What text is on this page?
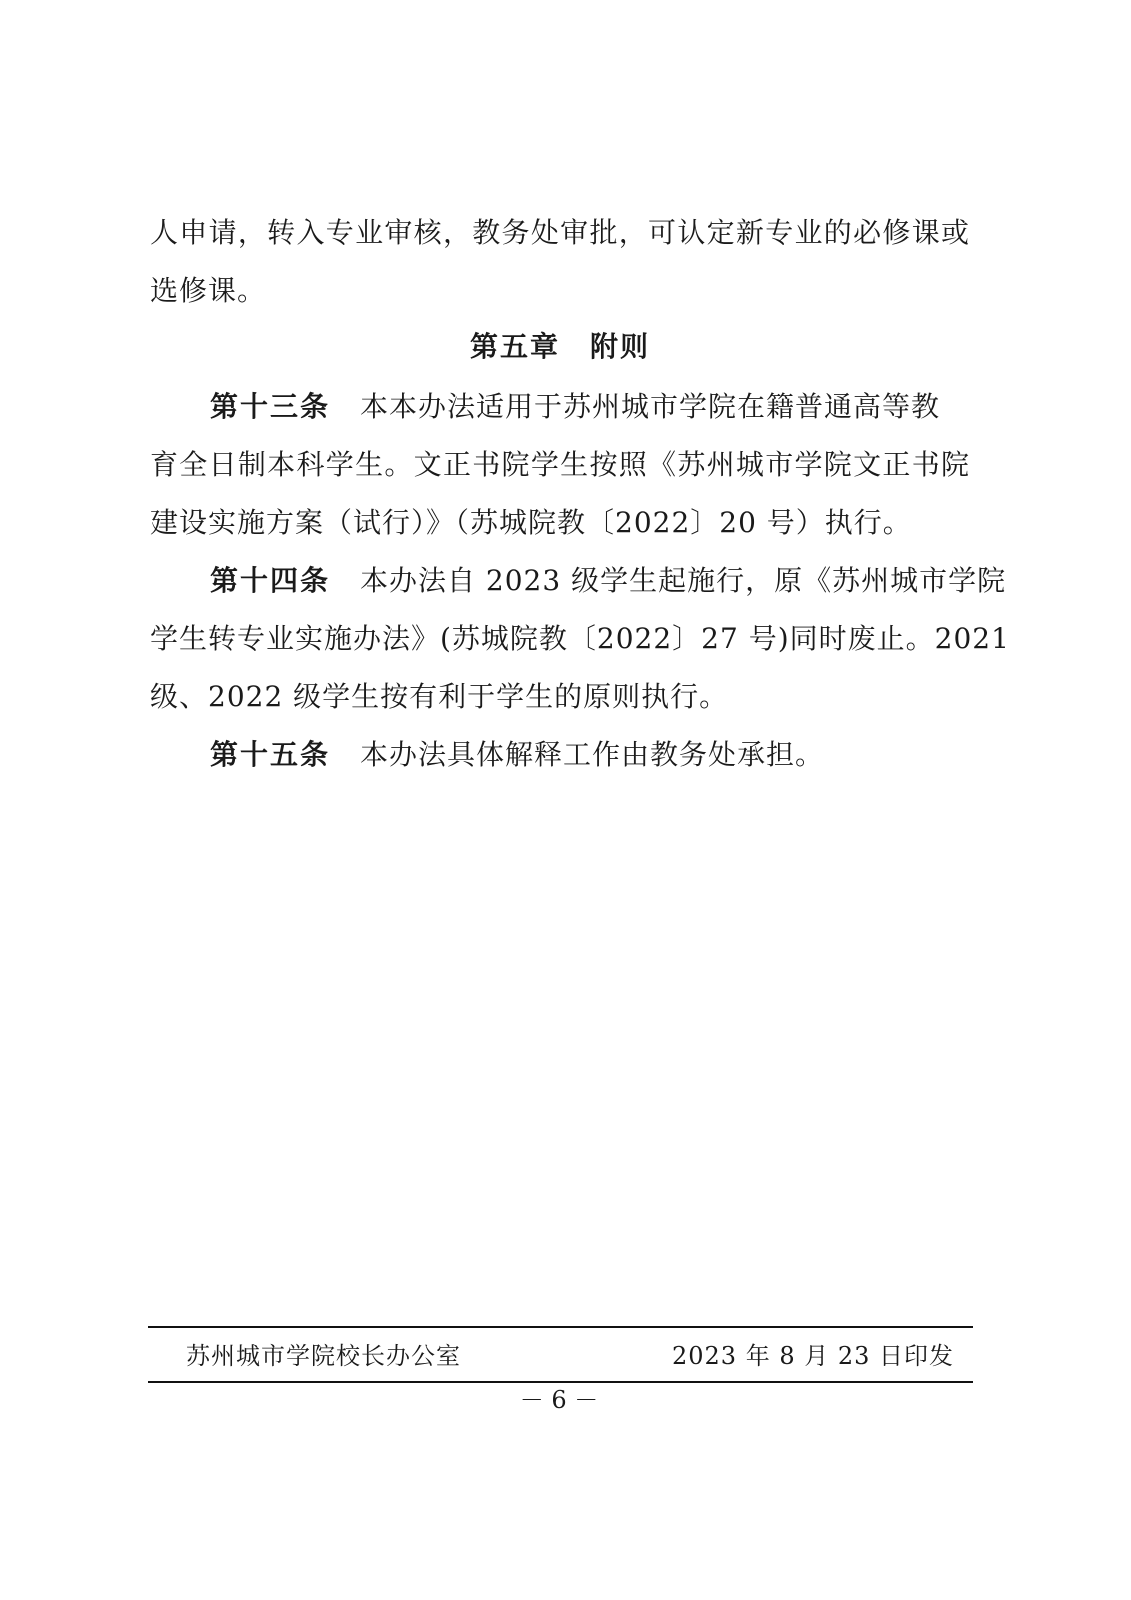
人申请，转入专业审核，教务处审批，可认定新专业的必修课或
选修课。
第五章　附则
第十三条 本本办法适用于苏州城市学院在籍普通高等教
育全日制本科学生。文正书院学生按照《苏州城市学院文正书院
建设实施方案（试行）》（苏城院教〔2022〕20 号）执行。
第十四条 本办法自 2023 级学生起施行，原《苏州城市学院
学生转专业实施办法》(苏城院教〔2022〕27 号)同时废止。2021
级、2022 级学生按有利于学生的原则执行。
第十五条 本办法具体解释工作由教务处承担。
苏州城市学院校长办公室	2023 年 8 月 23 日印发
－ 6 －
